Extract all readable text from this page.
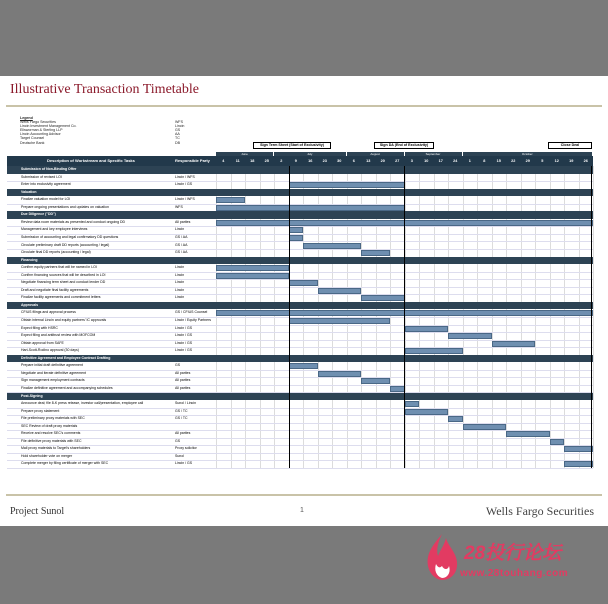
Illustrative Transaction Timetable
Legend
Wells Fargo Securities	WFS
Lincin Investment Management Co.	Lincin
Ellsworman & Sterling LLP	GS
Lincin Accounting Advisor	AA
Target Counsel	TC
Deutsche Bank	DB
Sign Term Sheet (Start of Exclusivity)	Sign DA (End of Exclusivity)	Close Deal
June	July	August	September	October
Description of Workstream and Specific Tasks	Responsible Party	4	11	18	25	2	9	16	23	30	6	13	20	27	3	10	17	24	1	8	15	22	29	5	12	19	26
Submission of Non-Binding Offer
Submission of revised LOI	Lincin / WFS
Enter into exclusivity agreement	Lincin / GS
Valuation
Finalize valuation model for LOI	Lincin / WFS
Prepare ongoing presentations and updates on valuation	WFS
Due Diligence ("DD")
Review data room materials as presented and conduct ongoing DD	All parties
Management and key employee interviews	Lincin
Submission of accounting and legal confirmatory DD questions	GS / AA
Circulate preliminary draft DD reports (accounting / legal)	GS / AA
Circulate final DD reports (accounting / legal)	GS / AA
Financing
Confirm equity partners that will be named in LOI	Lincin
Confirm financing sources that will be described in LOI	Lincin
Negotiate financing term sheet and conduct lender DD	Lincin
Draft and negotiate final facility agreements	Lincin
Finalize facility agreements and commitment letters	Lincin
Approvals
CFIUS filings and approval process	GS / CFIUS Counsel
Obtain internal Lincin and equity partners' IC approvals	Lincin / Equity Partners
Expect filing with HSRC	Lincin / GS
Expect filing and antitrust review with MOFCOM	Lincin / GS
Obtain approval from SAFE	Lincin / GS
Hart-Scott-Rodino approval (30 days)	Lincin / GS
Definitive Agreement and Employee Contract Drafting
Prepare initial draft definitive agreement	GS
Negotiate and iterate definitive agreement	All parties
Sign management employment contracts	All parties
Finalize definitive agreement and accompanying schedules	All parties
Post-Signing
Announce deal; file 8-K press release, investor call/presentation, employee call	Sunol / Lincin
Prepare proxy statement	GS / TC
File preliminary proxy materials with SEC	GS / TC
SEC Review of draft proxy materials
Receive and resolve SEC's comments	All parties
File definitive proxy materials with SEC	GS
Mail proxy materials to Target's shareholders	Proxy solicitor
Hold shareholder vote on merger	Sunol
Complete merger by filing certificate of merger with SEC	Lincin / GS
Project Sunol	1	Wells Fargo Securities
28投行论坛
www.28touhang.com
